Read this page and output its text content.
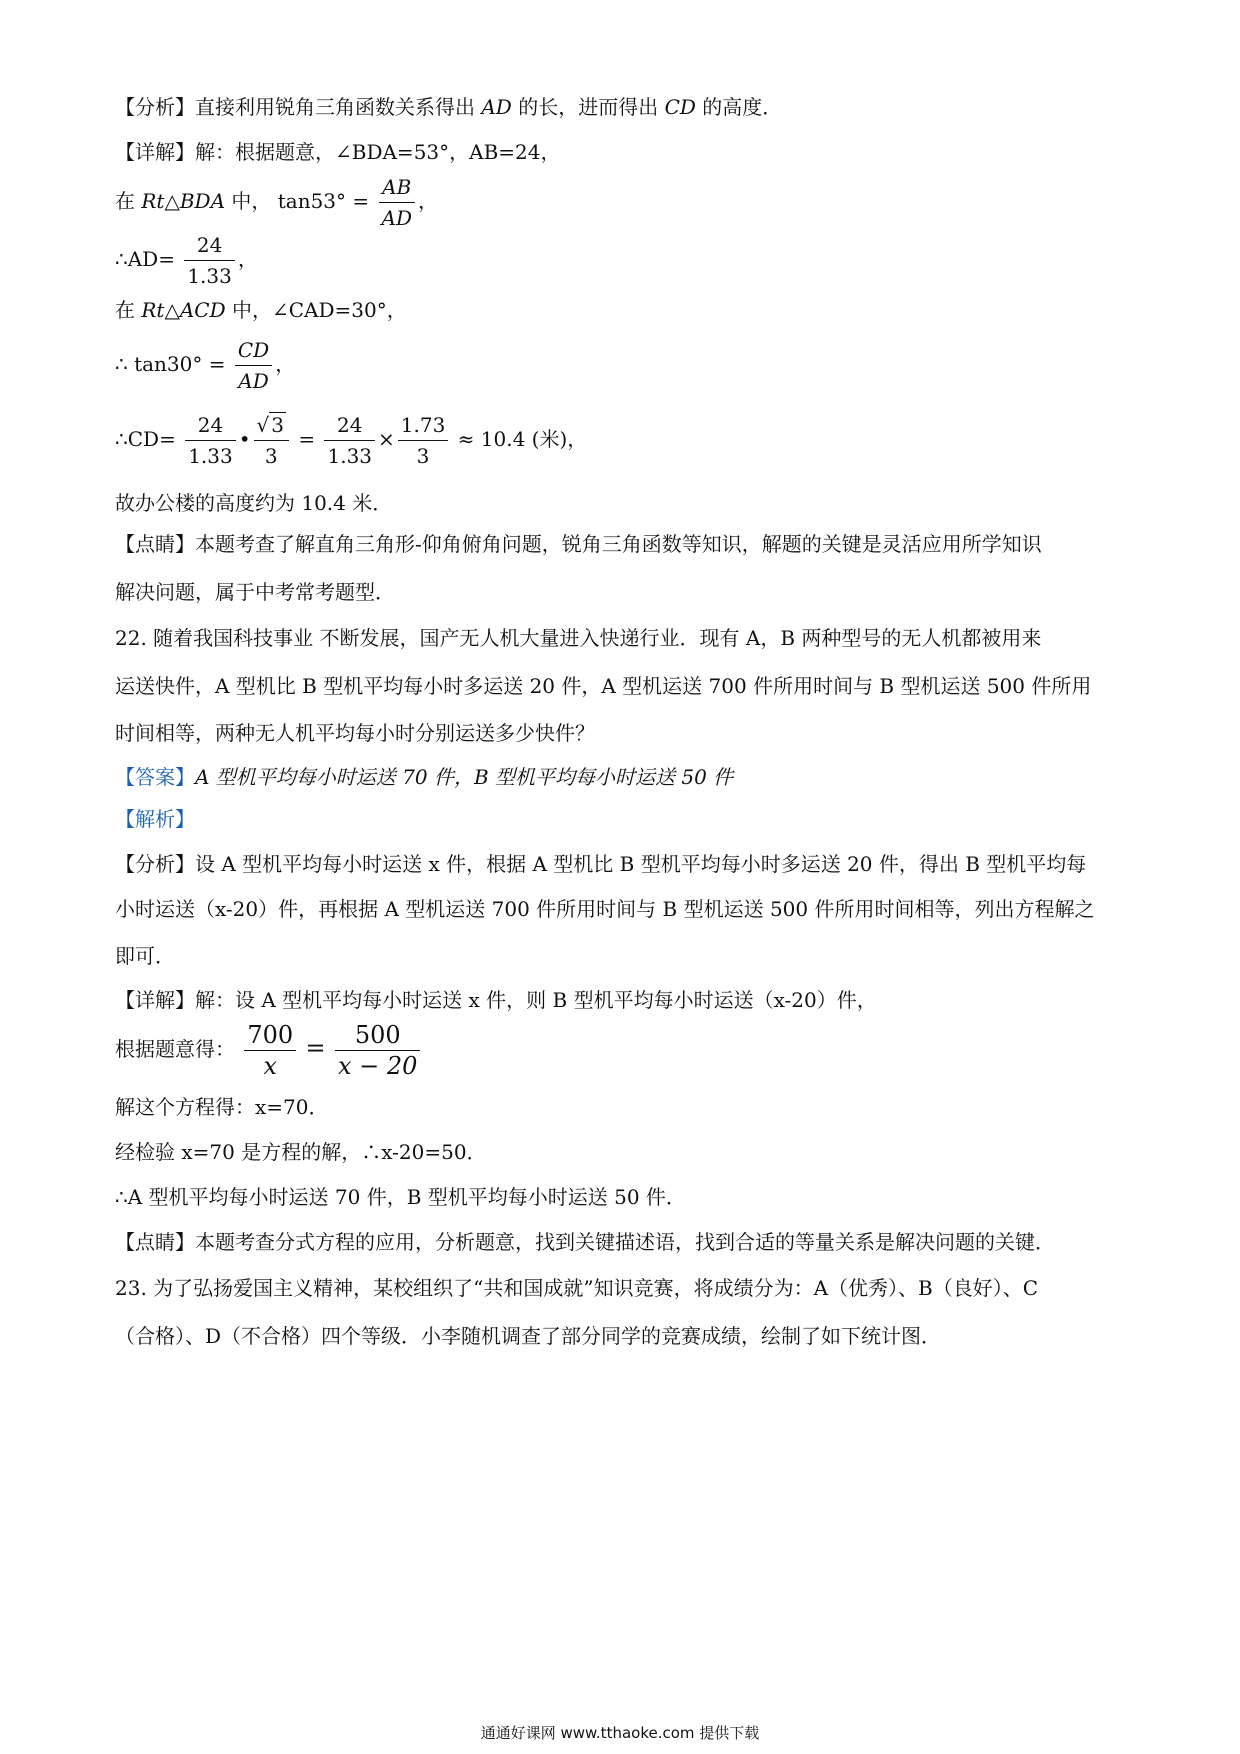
【分析】直接利用锐角三角函数关系得出 AD 的长，进而得出 CD 的高度．
【详解】解：根据题意，∠BDA=53°，AB=24，
在 Rt△BDA 中， $\tan 53^\circ = \frac{AB}{AD}$ ，
∴AD= $\frac{24}{1.33}$ ，
在 Rt△ACD 中，∠CAD=30°，
∴ $\tan 30^\circ = \frac{CD}{AD}$ ，
∴CD= $\frac{24}{1.33}$ • $\frac{√ 3}{3} = \frac{24}{1.33} \times \frac{1.73}{3} \approx 10.4$ (米)，
故办公楼的高度约为 10.4 米．
【点睛】本题考查了解直角三角形-仰角俯角问题，锐角三角函数等知识，解题的关键是灵活应用所学知识
解决问题，属于中考常考题型．
22. 随着我国科技事业 不断发展，国产无人机大量进入快递行业．现有 A，B 两种型号的无人机都被用来
运送快件，A 型机比 B 型机平均每小时多运送 20 件，A 型机运送 700 件所用时间与 B 型机运送 500 件所用
时间相等，两种无人机平均每小时分别运送多少快件？
【答案】A 型机平均每小时运送 70 件，B 型机平均每小时运送 50 件
【解析】
【分析】设 A 型机平均每小时运送 x 件，根据 A 型机比 B 型机平均每小时多运送 20 件，得出 B 型机平均每
小时运送（x-20）件，再根据 A 型机运送 700 件所用时间与 B 型机运送 500 件所用时间相等，列出方程解之
即可．
【详解】解：设 A 型机平均每小时运送 x 件，则 B 型机平均每小时运送（x-20）件，
根据题意得： $\frac{700}{x} = \frac{500}{x - 20}$
解这个方程得：x=70．
经检验 x=70 是方程的解，∴x-20=50．
∴A 型机平均每小时运送 70 件，B 型机平均每小时运送 50 件．
【点睛】本题考查分式方程的应用，分析题意，找到关键描述语，找到合适的等量关系是解决问题的关键．
23. 为了弘扬爱国主义精神，某校组织了“共和国成就”知识竞赛，将成绩分为：A（优秀）、B（良好）、C
（合格）、D（不合格）四个等级．小李随机调查了部分同学的竞赛成绩，绘制了如下统计图．
通通好课网 www.tthaoke.com 提供下载
